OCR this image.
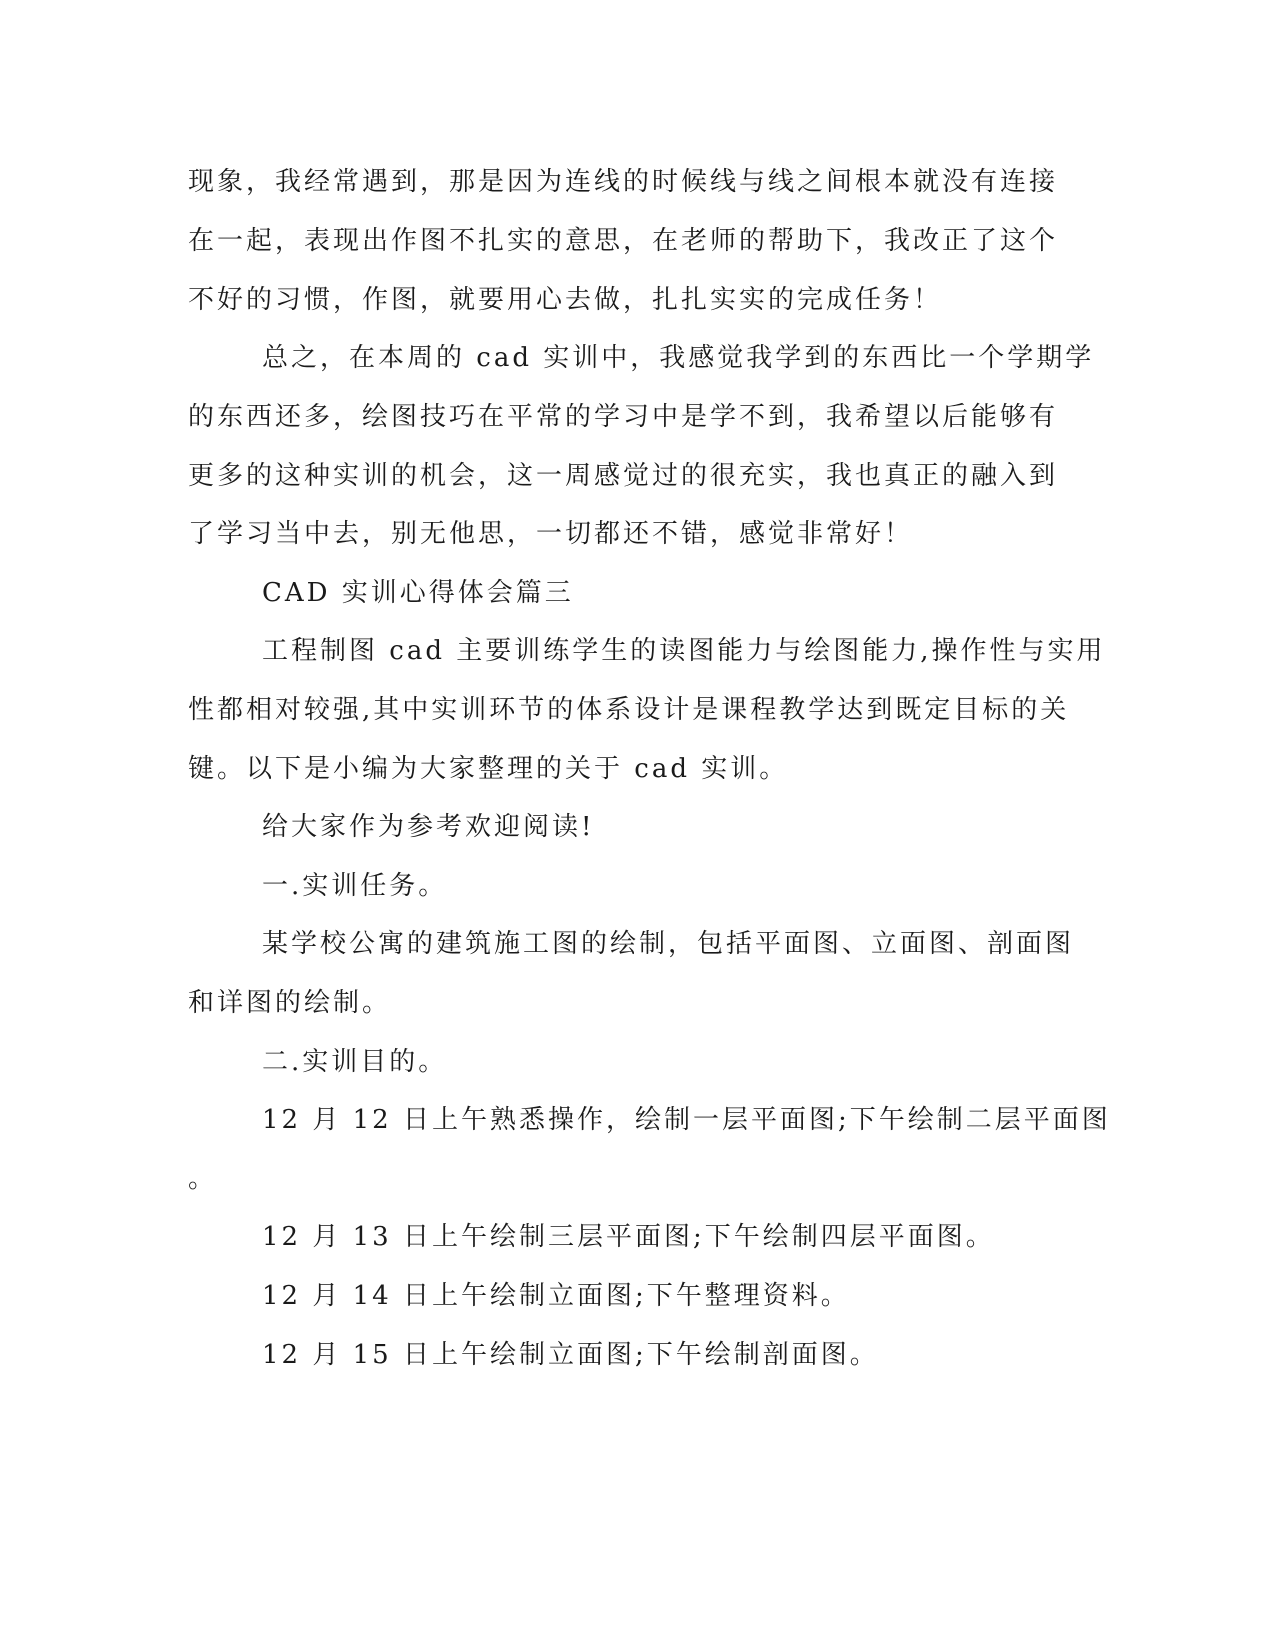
现象，我经常遇到，那是因为连线的时候线与线之间根本就没有连接
在一起，表现出作图不扎实的意思，在老师的帮助下，我改正了这个
不好的习惯，作图，就要用心去做，扎扎实实的完成任务！
总之，在本周的 cad 实训中，我感觉我学到的东西比一个学期学
的东西还多，绘图技巧在平常的学习中是学不到，我希望以后能够有
更多的这种实训的机会，这一周感觉过的很充实，我也真正的融入到
了学习当中去，别无他思，一切都还不错，感觉非常好！
CAD 实训心得体会篇三
工程制图 cad 主要训练学生的读图能力与绘图能力,操作性与实用
性都相对较强,其中实训环节的体系设计是课程教学达到既定目标的关
键。以下是小编为大家整理的关于 cad 实训。
给大家作为参考欢迎阅读!
一.实训任务。
某学校公寓的建筑施工图的绘制，包括平面图、立面图、剖面图
和详图的绘制。
二.实训目的。
12 月 12 日上午熟悉操作，绘制一层平面图;下午绘制二层平面图
。
12 月 13 日上午绘制三层平面图;下午绘制四层平面图。
12 月 14 日上午绘制立面图;下午整理资料。
12 月 15 日上午绘制立面图;下午绘制剖面图。
